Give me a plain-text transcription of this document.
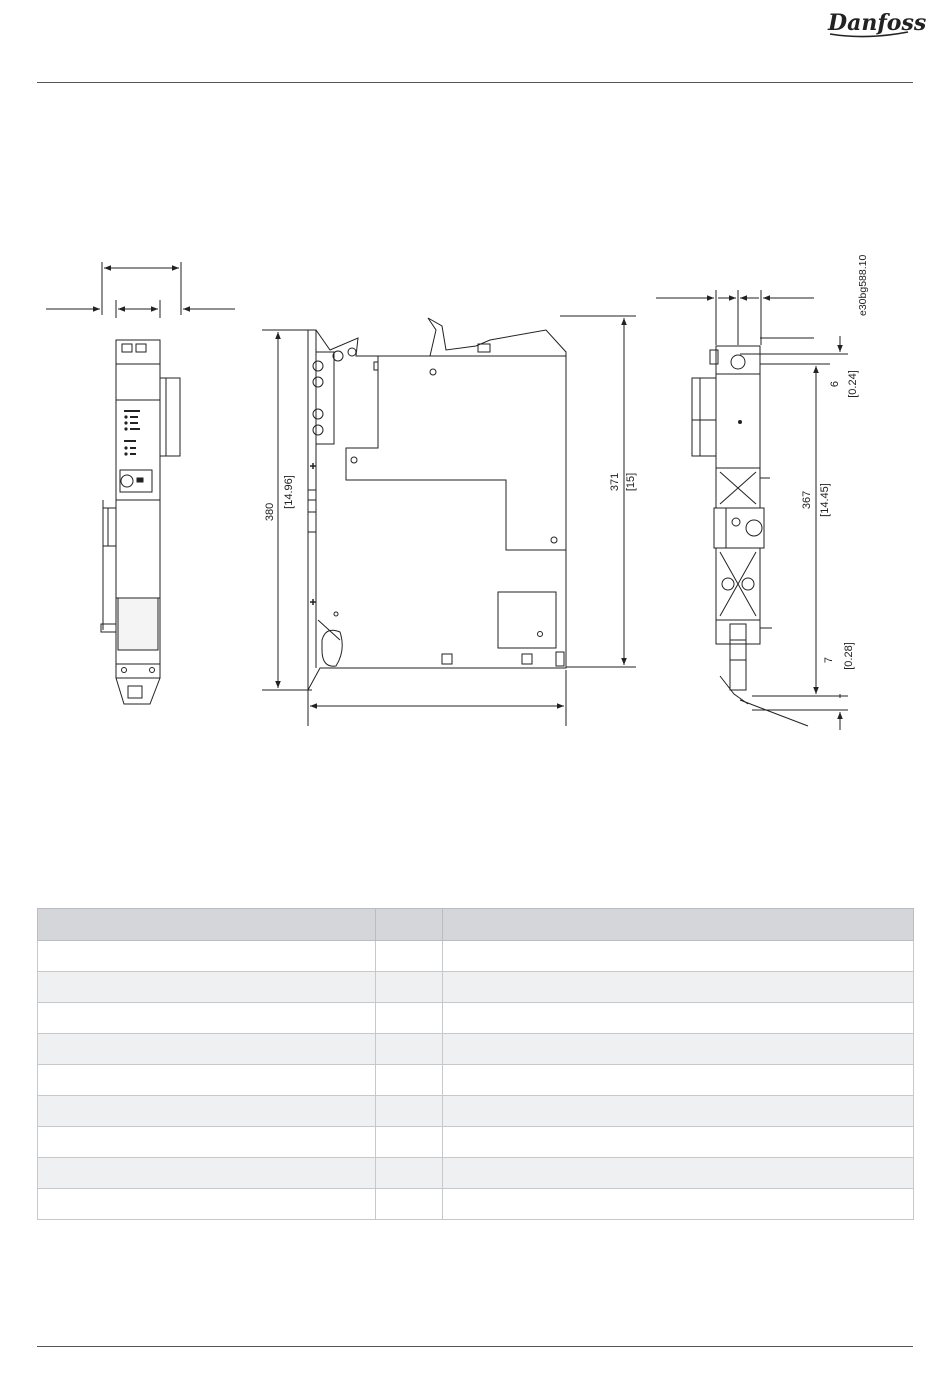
Danfoss
e30bg588.10
380
[14.96]	371 [15]
367 [14.45]
6 [0.24]
7 [0.28]
